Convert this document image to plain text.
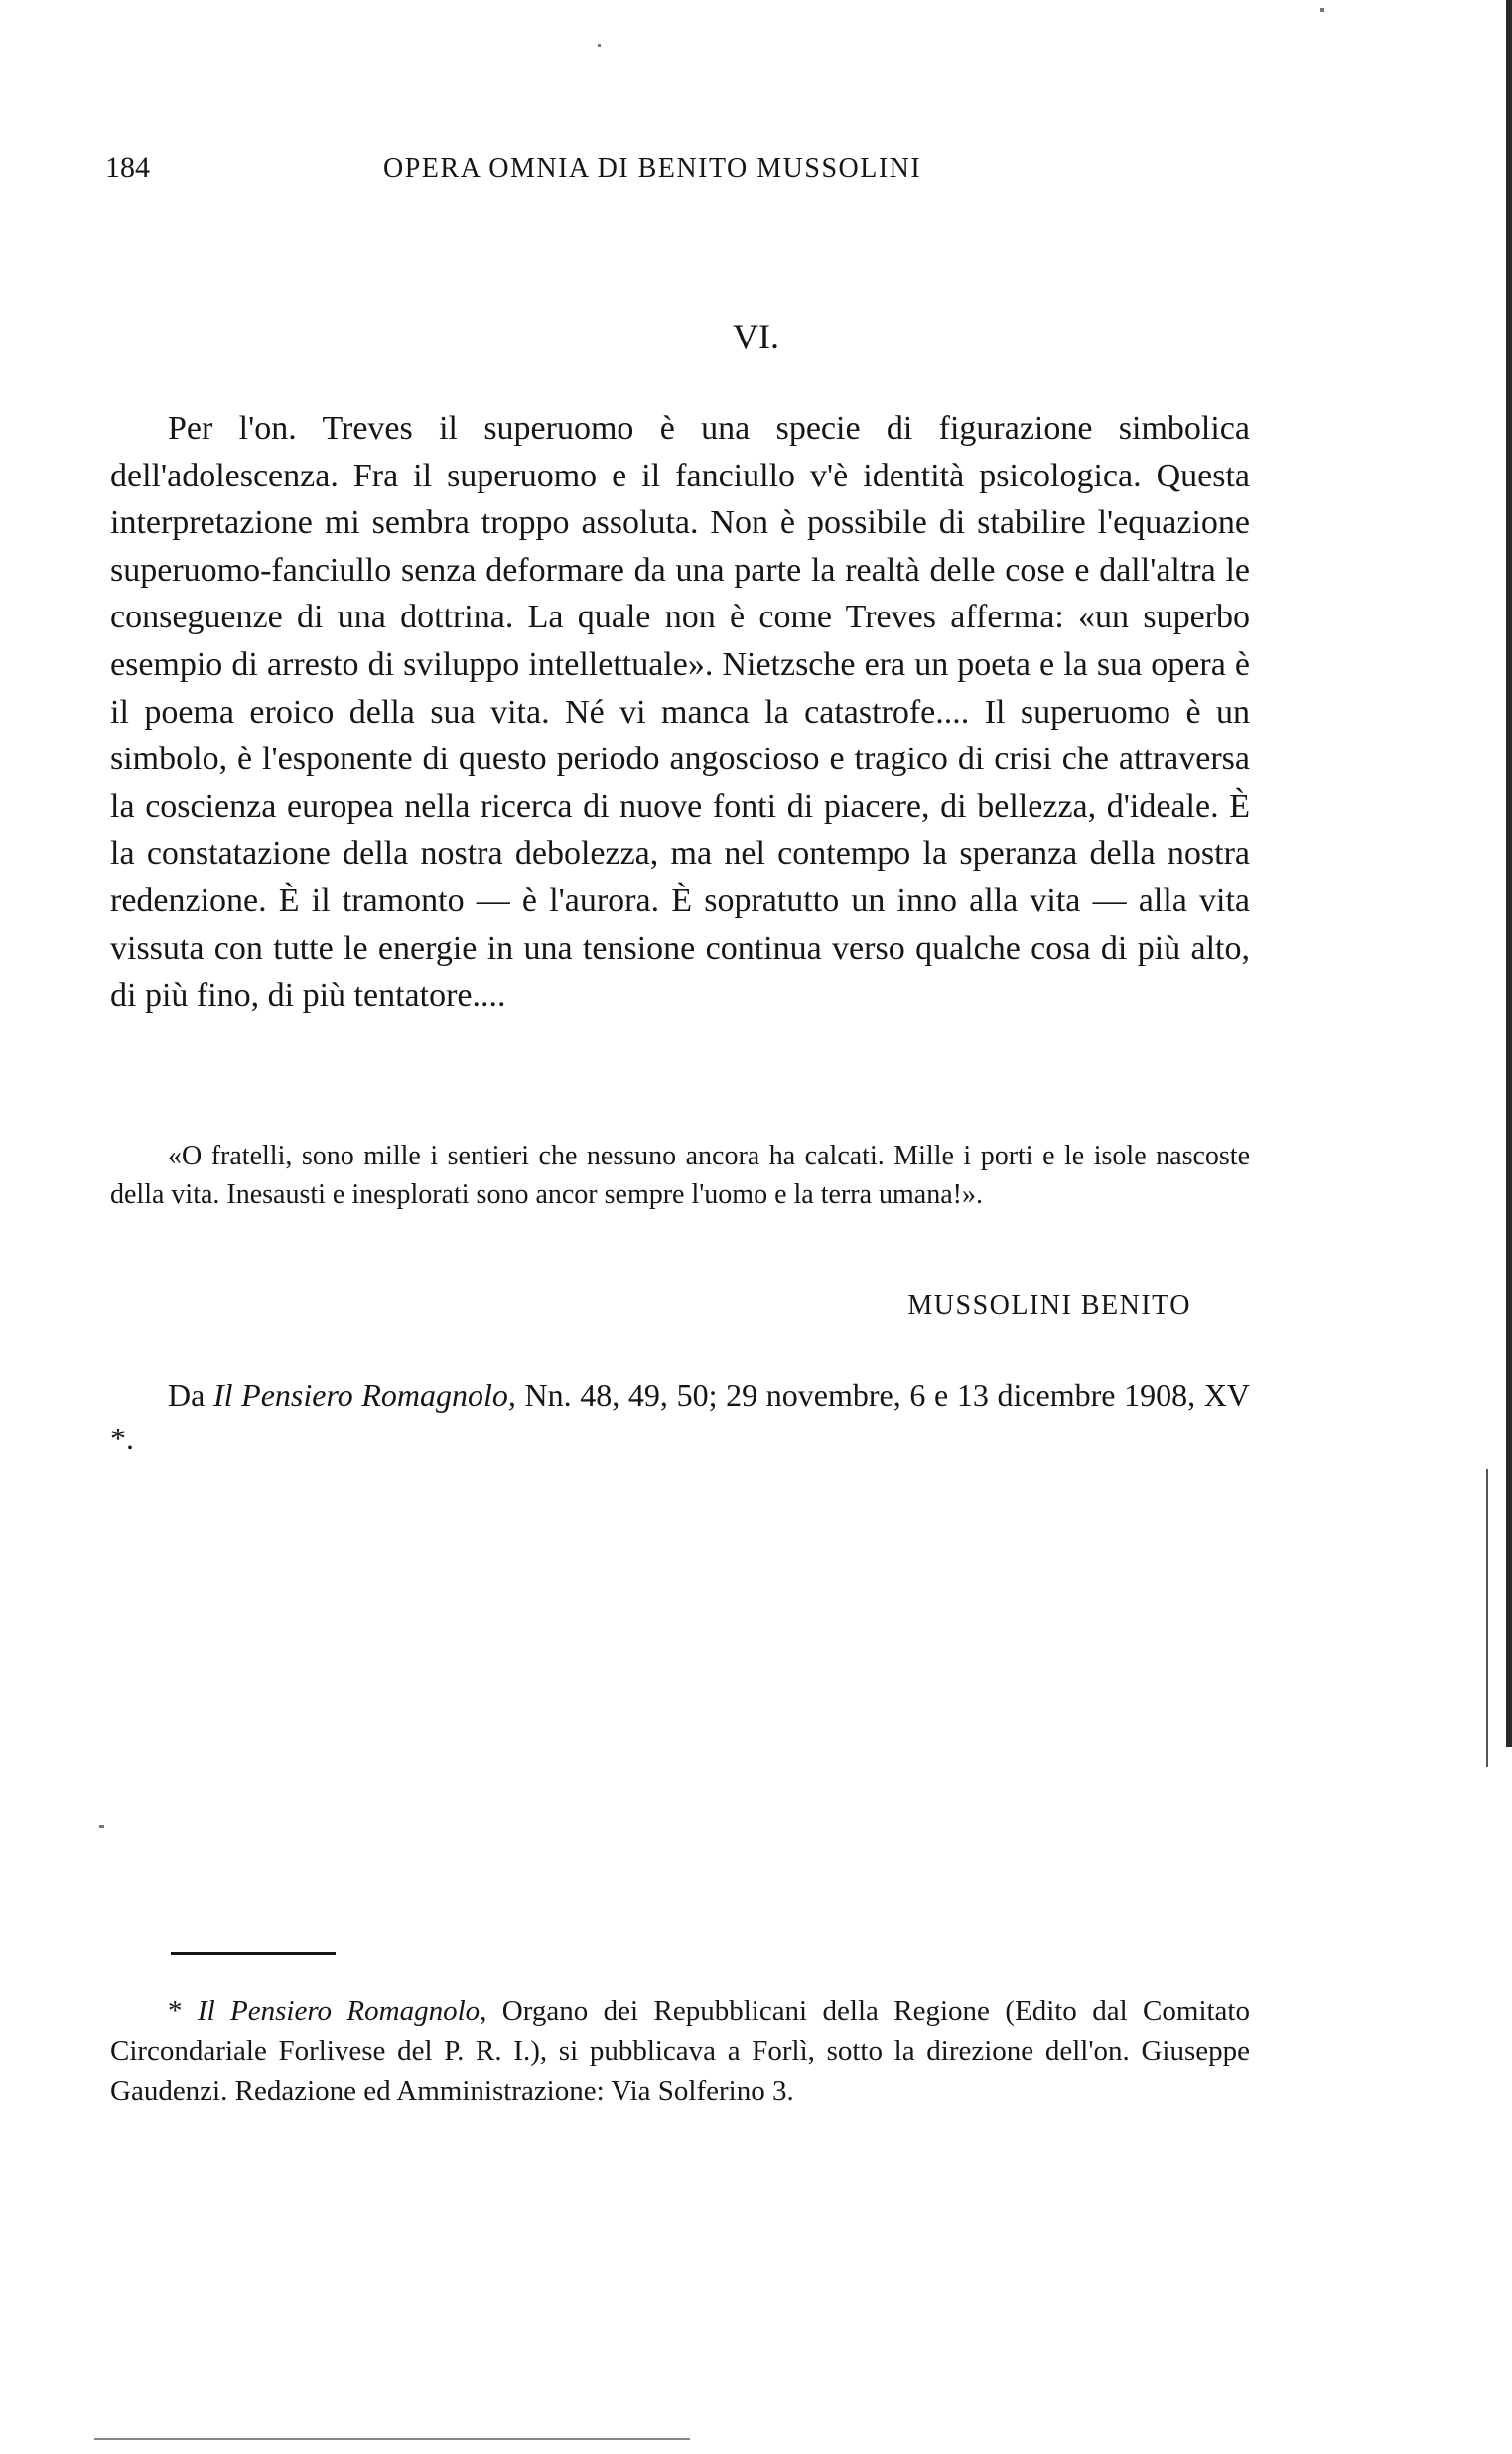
184	OPERA OMNIA DI BENITO MUSSOLINI
VI.

Per l'on. Treves il superuomo è una specie di figurazione simbolica dell'adolescenza. Fra il superuomo e il fanciullo v'è identità psicologica. Questa interpretazione mi sembra troppo assoluta. Non è possibile di stabilire l'equazione superuomo-fanciullo senza deformare da una parte la realtà delle cose e dall'altra le conseguenze di una dottrina. La quale non è come Treves afferma: «un superbo esempio di arresto di sviluppo intellettuale». Nietzsche era un poeta e la sua opera è il poema eroico della sua vita. Né vi manca la catastrofe.... Il superuomo è un simbolo, è l'esponente di questo periodo angoscioso e tragico di crisi che attraversa la coscienza europea nella ricerca di nuove fonti di piacere, di bellezza, d'ideale. È la constatazione della nostra debolezza, ma nel contempo la speranza della nostra redenzione. È il tramonto — è l'aurora. È sopratutto un inno alla vita — alla vita vissuta con tutte le energie in una tensione continua verso qualche cosa di più alto, di più fino, di più tentatore....

«O fratelli, sono mille i sentieri che nessuno ancora ha calcati. Mille i porti e le isole nascoste della vita. Inesausti e inesplorati sono ancor sempre l'uomo e la terra umana!».

MUSSOLINI BENITO

Da Il Pensiero Romagnolo, Nn. 48, 49, 50; 29 novembre, 6 e 13 dicembre 1908, XV *.

* Il Pensiero Romagnolo, Organo dei Repubblicani della Regione (Edito dal Comitato Circondariale Forlivese del P. R. I.), si pubblicava a Forlì, sotto la direzione dell'on. Giuseppe Gaudenzi. Redazione ed Amministrazione: Via Solferino 3.
